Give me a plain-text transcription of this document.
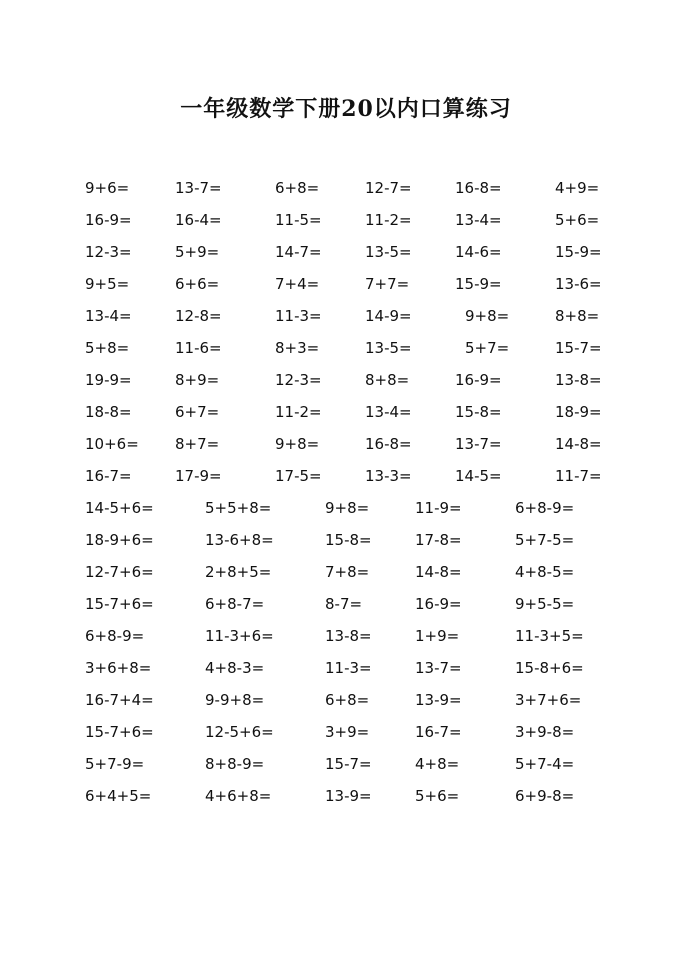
一年级数学下册20以内口算练习
9+6=	13-7=	6+8=	12-7=	16-8=	4+9=
16-9=	16-4=	11-5=	11-2=	13-4=	5+6=
12-3=	5+9=	14-7=	13-5=	14-6=	15-9=
9+5=	6+6=	7+4=	7+7=	15-9=	13-6=
13-4=	12-8=	11-3=	14-9=	9+8=	8+8=
5+8=	11-6=	8+3=	13-5=	5+7=	15-7=
19-9=	8+9=	12-3=	8+8=	16-9=	13-8=
18-8=	6+7=	11-2=	13-4=	15-8=	18-9=
10+6=	8+7=	9+8=	16-8=	13-7=	14-8=
16-7=	17-9=	17-5=	13-3=	14-5=	11-7=
14-5+6=	5+5+8=	9+8=	11-9=	6+8-9=
18-9+6=	13-6+8=	15-8=	17-8=	5+7-5=
12-7+6=	2+8+5=	7+8=	14-8=	4+8-5=
15-7+6=	6+8-7=	8-7=	16-9=	9+5-5=
6+8-9=	11-3+6=	13-8=	1+9=	11-3+5=
3+6+8=	4+8-3=	11-3=	13-7=	15-8+6=
16-7+4=	9-9+8=	6+8=	13-9=	3+7+6=
15-7+6=	12-5+6=	3+9=	16-7=	3+9-8=
5+7-9=	8+8-9=	15-7=	4+8=	5+7-4=
6+4+5=	4+6+8=	13-9=	5+6=	6+9-8=
